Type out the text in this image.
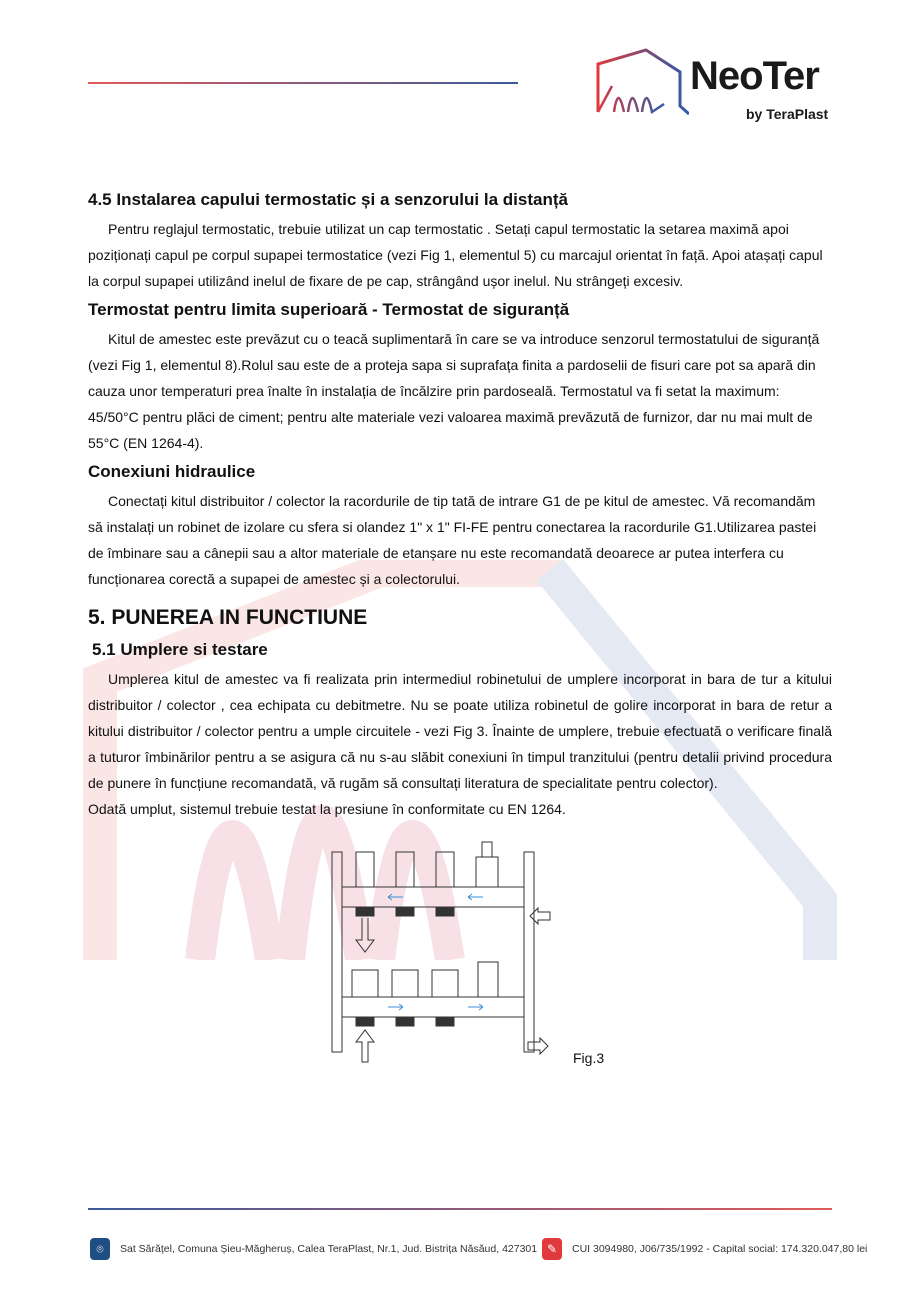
NeoTer
by TeraPlast
4.5 Instalarea capului termostatic și a senzorului la distanță

Pentru reglajul termostatic, trebuie utilizat un cap termostatic . Setați capul termostatic la setarea maximă apoi poziționați capul pe corpul supapei termostatice (vezi Fig 1, elementul 5) cu marcajul orientat în față. Apoi atașați capul la corpul supapei utilizând inelul de fixare de pe cap, strângând ușor inelul. Nu strângeți excesiv.

Termostat pentru limita superioară - Termostat de siguranță

Kitul de amestec este prevăzut cu o teacă suplimentară în care se va introduce senzorul termostatului de siguranță (vezi Fig 1, elementul 8).Rolul sau este de a proteja sapa si suprafața finita a pardoselii de fisuri care pot sa apară din cauza unor temperaturi prea înalte în instalația de încălzire prin pardoseală. Termostatul va fi setat la maximum: 45/50°C pentru plăci de ciment; pentru alte materiale vezi valoarea maximă prevăzută de furnizor, dar nu mai mult de 55°C (EN 1264-4).

Conexiuni hidraulice

Conectați kitul distribuitor / colector la racordurile de tip tată de intrare G1 de pe kitul de amestec. Vă recomandăm să instalați un robinet de izolare cu sfera si olandez 1" x 1" FI-FE pentru conectarea la racordurile G1.Utilizarea pastei de îmbinare sau a cânepii sau a altor materiale de etanșare nu este recomandată deoarece ar putea interfera cu funcționarea corectă a supapei de amestec și a colectorului.

5. PUNEREA IN FUNCTIUNE
5.1 Umplere si testare

Umplerea kitul de amestec va fi realizata prin intermediul robinetului de umplere incorporat in bara de tur a kitului distribuitor / colector , cea echipata cu debitmetre. Nu se poate utiliza robinetul de golire incorporat in bara de retur a kitului distribuitor / colector pentru a umple circuitele - vezi Fig 3. Înainte de umplere, trebuie efectuată o verificare finală a tuturor îmbinărilor pentru a se asigura că nu s-au slăbit conexiuni în timpul tranzitului (pentru detalii privind procedura de punere în funcțiune recomandată, vă rugăm să consultați literatura de specialitate pentru colector).

Odată umplut, sistemul trebuie testat la presiune în conformitate cu EN 1264.

Fig.3
⌾	Sat Sărățel, Comuna Șieu-Măgheruș, Calea TeraPlast, Nr.1, Jud. Bistrița Năsăud, 427301 ✎	CUI 3094980, J06/735/1992 - Capital social: 174.320.047,80 lei
